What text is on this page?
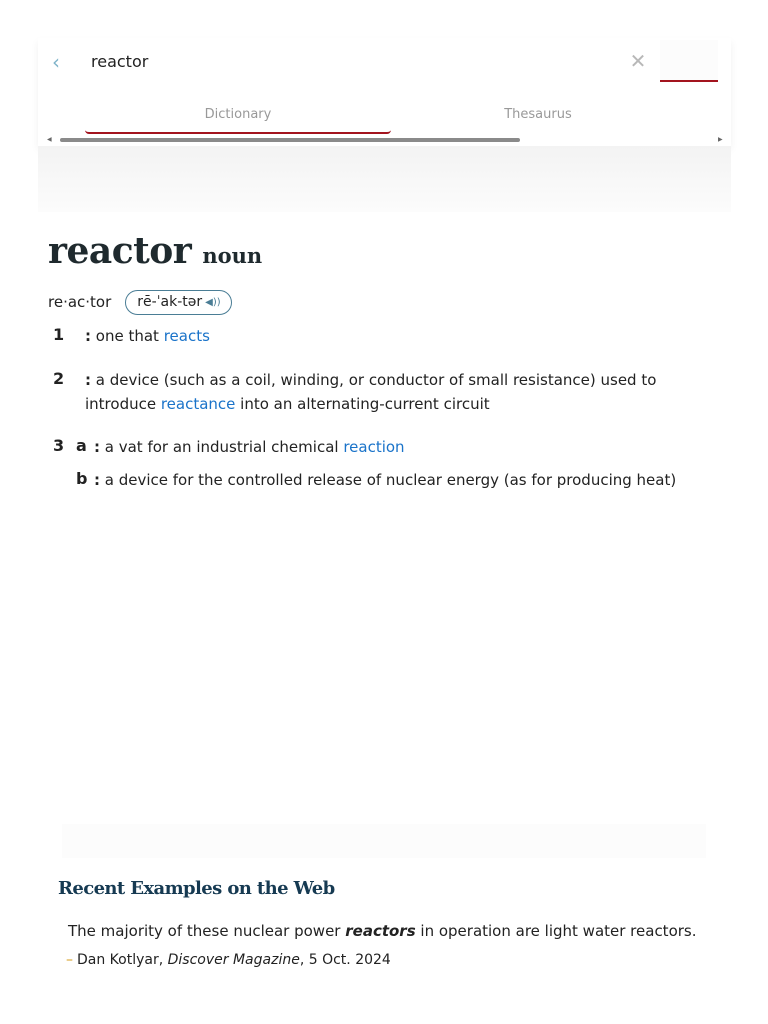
‹
reactor	✕
Dictionary	Thesaurus
◀	▶
reactor noun
re·ac·tor rē-ˈak-tər ◀))
1 : one that reacts
2 : a device (such as a coil, winding, or conductor of small resistance) used to introduce reactance into an alternating-current circuit
3 a : a vat for an industrial chemical reaction
b : a device for the controlled release of nuclear energy (as for producing heat)
Recent Examples on the Web
The majority of these nuclear power reactors in operation are light water reactors.
– Dan Kotlyar, Discover Magazine, 5 Oct. 2024
